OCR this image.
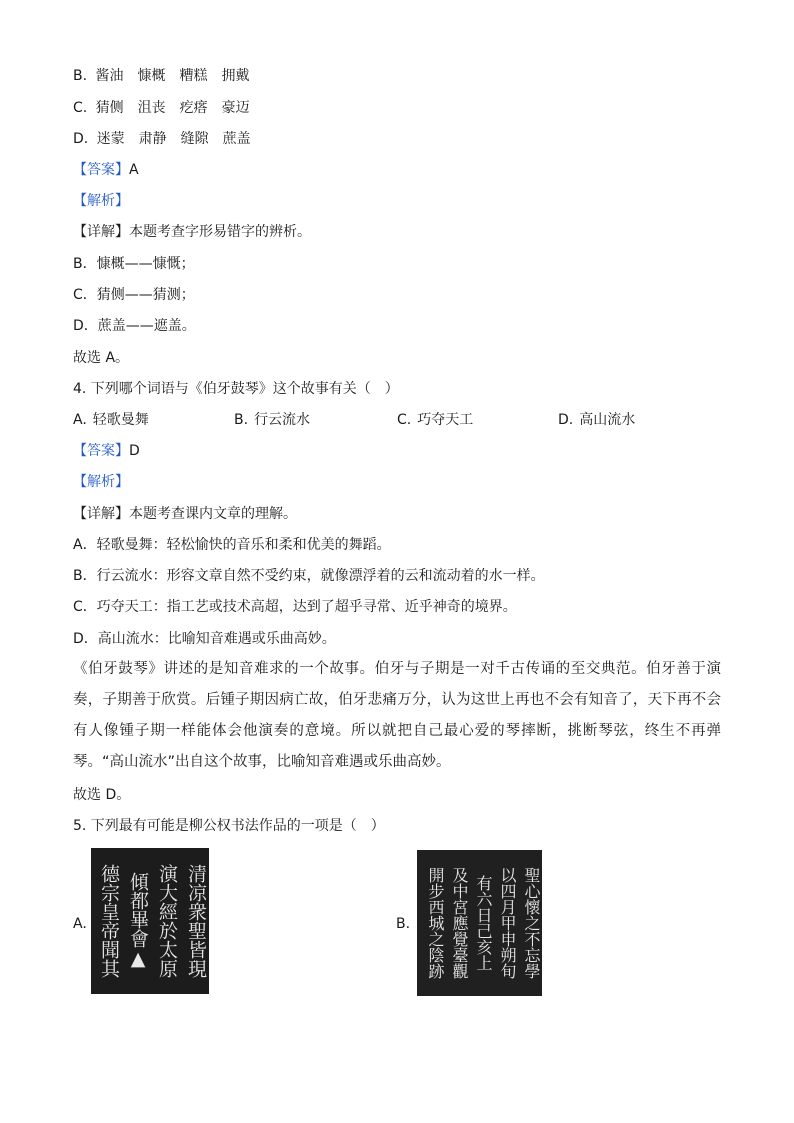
B. 酱油　慷概　糟糕　拥戴
C. 猜侧　沮丧　疙瘩　豪迈
D. 迷蒙　肃静　缝隙　蔗盖
【答案】A
【解析】
【详解】本题考查字形易错字的辨析。
B．慷概——慷慨；
C．猜侧——猜测；
D．蔗盖——遮盖。
故选 A。
4. 下列哪个词语与《伯牙鼓琴》这个故事有关（　）
A. 轻歌曼舞	B. 行云流水	C. 巧夺天工	D. 高山流水
【答案】D
【解析】
【详解】本题考查课内文章的理解。
A．轻歌曼舞：轻松愉快的音乐和柔和优美的舞蹈。
B．行云流水：形容文章自然不受约束，就像漂浮着的云和流动着的水一样。
C．巧夺天工：指工艺或技术高超，达到了超乎寻常、近乎神奇的境界。
D．高山流水：比喻知音难遇或乐曲高妙。
《伯牙鼓琴》讲述的是知音难求的一个故事。伯牙与子期是一对千古传诵的至交典范。伯牙善于演奏，子期善于欣赏。后锺子期因病亡故，伯牙悲痛万分，认为这世上再也不会有知音了，天下再不会有人像锺子期一样能体会他演奏的意境。所以就把自己最心爱的琴摔断，挑断琴弦，终生不再弹琴。“高山流水”出自这个故事，比喻知音难遇或乐曲高妙。
故选 D。
5. 下列最有可能是柳公权书法作品的一项是（　）
A.	清凉衆聖皆現
演大經於太原
傾都畢會▲
德宗皇帝聞其	B.	聖心懷之不忘學
以四月甲申朔旬
有六日己亥上
及中宮應覺臺觀
開步西城之陰跡
